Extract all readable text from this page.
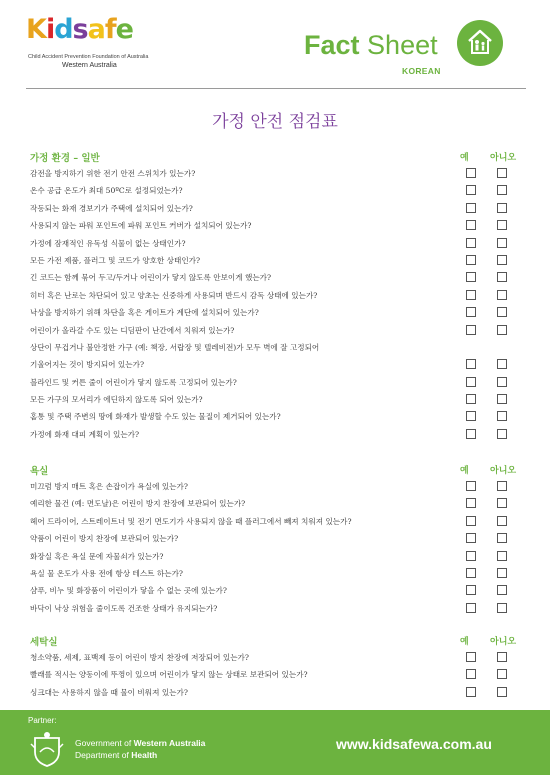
Kidsafe
Child Accident Prevention Foundation of Australia
Western Australia
Fact Sheet
KOREAN
가정 안전 점검표
가정 환경 – 일반	예 아니오
감전을 방지하기 위한 전기 안전 스위치가 있는가?
온수 공급 온도가 최대 50ºC로 설정되었는가?
작동되는 화재 경보기가 주택에 설치되어 있는가?
사용되지 않는 파워 포인트에 파워 포인트 커버가 설치되어 있는가?
가정에 잠재적인 유독성 식물이 없는 상태인가?
모든 가전 제품, 플러그 및 코드가 양호한 상태인가?
긴 코드는 함께 묶어 두고/두거나 어린이가 닿지 않도록 안보이게 했는가?
히터 혹은 난로는 차단되어 있고 양초는 신중하게 사용되며 반드시 감독 상태에 있는가?
낙상을 방지하기 위해 차단을 혹은 게이트가 계단에 설치되어 있는가?
어린이가 올라갈 수도 있는 디딤판이 난간에서 치워져 있는가?
상단이 무겁거나 불안정한 가구 (예: 책장, 서랍장 및 텔레비전)가 모두 벽에 잘 고정되어
기울어지는 것이 방지되어 있는가?
블라인드 및 커튼 줄이 어린이가 닿지 않도록 고정되어 있는가?
모든 가구의 모서리가 에딘하지 않도록 되어 있는가?
홈통 및 주택 주변의 땅에 화재가 발생할 수도 있는 물질이 제거되어 있는가?
가정에 화재 대피 계획이 있는가?
욕실	예 아니오
미끄럼 방지 매트 혹은 손잡이가 욕실에 있는가?
예리한 물건 (예: 면도날)은 어린이 방지 찬장에 보관되어 있는가?
헤어 드라이어, 스트레이트너 및 전기 면도기가 사용되지 않을 때 플러그에서 빼져 치워져 있는가?
약품이 어린이 방지 찬장에 보관되어 있는가?
화장실 혹은 욕실 문에 자물쇠가 있는가?
욕실 물 온도가 사용 전에 항상 테스트 하는가?
샴푸, 비누 및 화장품이 어린이가 닿을 수 없는 곳에 있는가?
바닥이 낙상 위험을 줄이도록 건조한 상태가 유지되는가?
세탁실	예 아니오
청소약품, 세제, 표백제 등이 어린이 방지 찬장에 저장되어 있는가?
빨래를 적시는 양동이에 뚜껑이 있으며 어린이가 닿지 않는 상태로 보관되어 있는가?
싱크대는 사용하지 않을 때 물이 비워져 있는가?
Partner:
Government of Western Australia
Department of Health
www.kidsafewa.com.au
